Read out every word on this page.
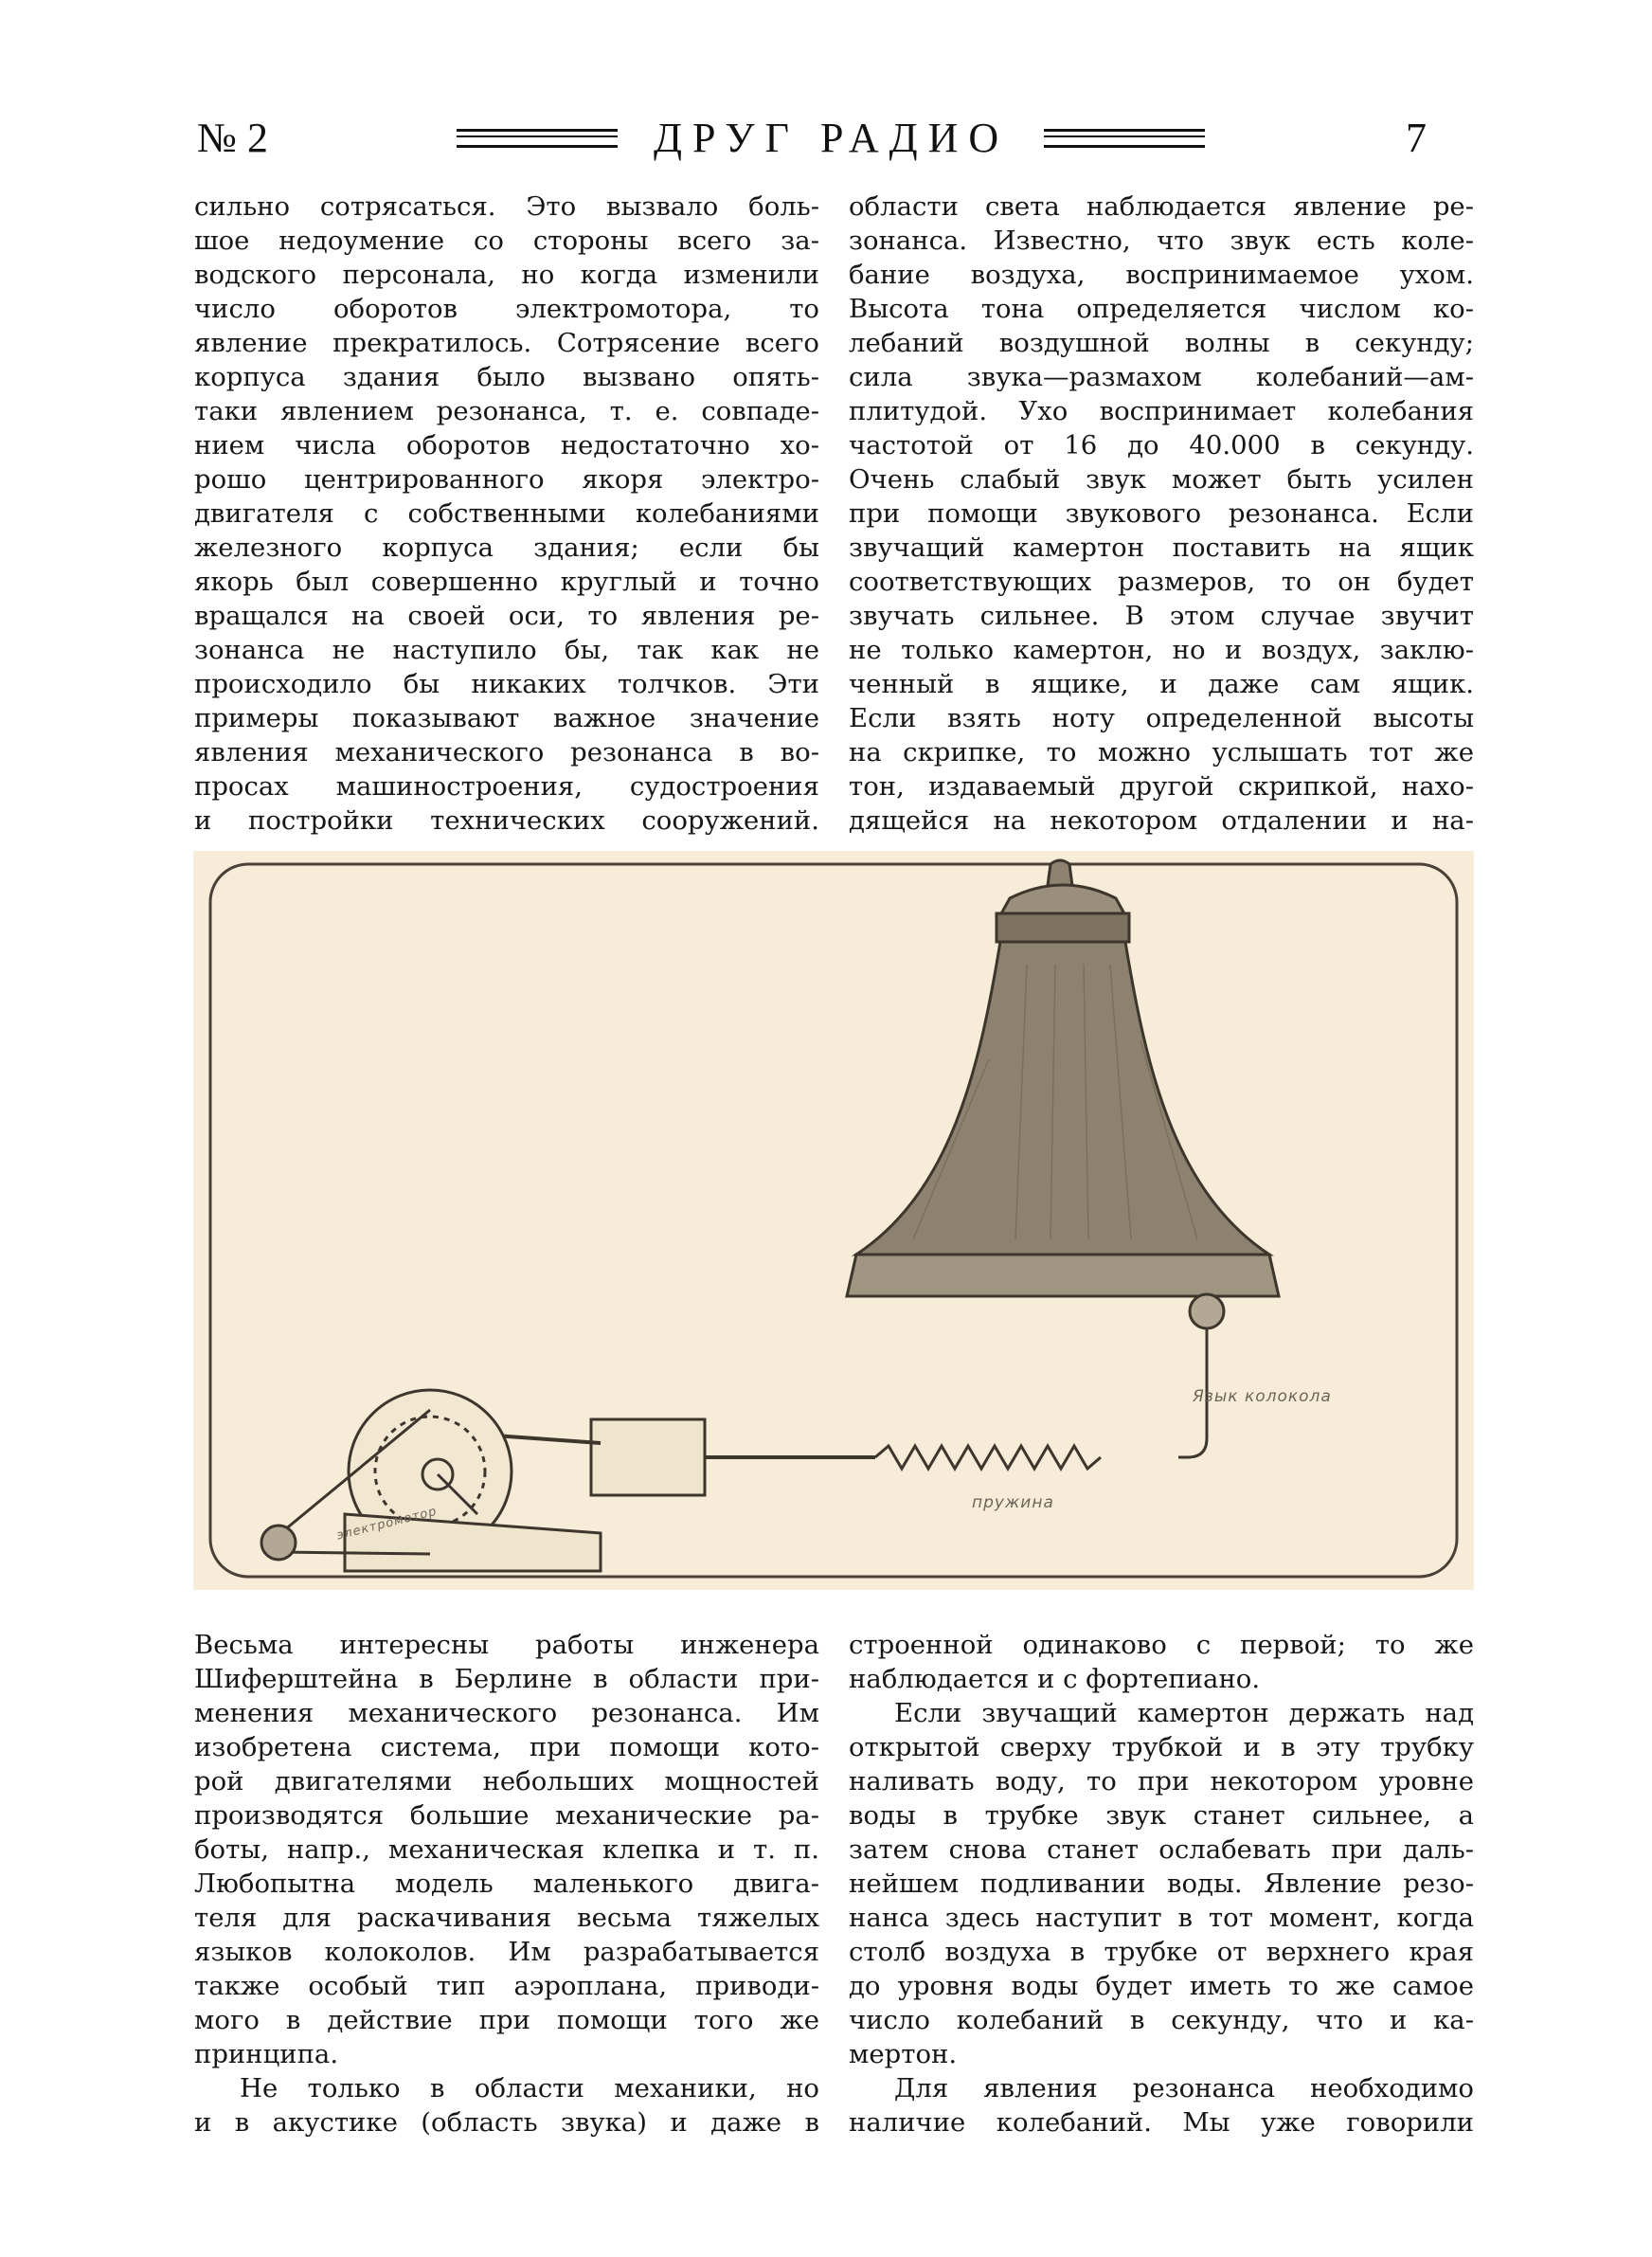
№ 2	ДРУГ РАДИО	7
сильно сотрясаться. Это вызвало боль-
шое недоумение со стороны всего за-
водского персонала, но когда изменили
число оборотов электромотора, то
явление прекратилось. Сотрясение всего
корпуса здания было вызвано опять-
таки явлением резонанса, т. е. совпаде-
нием числа оборотов недостаточно хо-
рошо центрированного якоря электро-
двигателя с собственными колебаниями
железного корпуса здания; если бы
якорь был совершенно круглый и точно
вращался на своей оси, то явления ре-
зонанса не наступило бы, так как не
происходило бы никаких толчков. Эти
примеры показывают важное значение
явления механического резонанса в во-
просах машиностроения, судостроения
и постройки технических сооружений.
области света наблюдается явление ре-
зонанса. Известно, что звук есть коле-
бание воздуха, воспринимаемое ухом.
Высота тона определяется числом ко-
лебаний воздушной волны в секунду;
сила звука—размахом колебаний—ам-
плитудой. Ухо воспринимает колебания
частотой от 16 до 40.000 в секунду.
Очень слабый звук может быть усилен
при помощи звукового резонанса. Если
звучащий камертон поставить на ящик
соответствующих размеров, то он будет
звучать сильнее. В этом случае звучит
не только камертон, но и воздух, заклю-
ченный в ящике, и даже сам ящик.
Если взять ноту определенной высоты
на скрипке, то можно услышать тот же
тон, издаваемый другой скрипкой, нахо-
дящейся на некотором отдалении и на-
Язык колокола
пружина
электромотор
Весьма интересны работы инженера
Шиферштейна в Берлине в области при-
менения механического резонанса. Им
изобретена система, при помощи кото-
рой двигателями небольших мощностей
производятся большие механические ра-
боты, напр., механическая клепка и т. п.
Любопытна модель маленького двига-
теля для раскачивания весьма тяжелых
языков колоколов. Им разрабатывается
также особый тип аэроплана, приводи-
мого в действие при помощи того же
принципа.
Не только в области механики, но
и в акустике (область звука) и даже в
строенной одинаково с первой; то же
наблюдается и с фортепиано.
Если звучащий камертон держать над
открытой сверху трубкой и в эту трубку
наливать воду, то при некотором уровне
воды в трубке звук станет сильнее, а
затем снова станет ослабевать при даль-
нейшем подливании воды. Явление резо-
нанса здесь наступит в тот момент, когда
столб воздуха в трубке от верхнего края
до уровня воды будет иметь то же самое
число колебаний в секунду, что и ка-
мертон.
Для явления резонанса необходимо
наличие колебаний. Мы уже говорили
